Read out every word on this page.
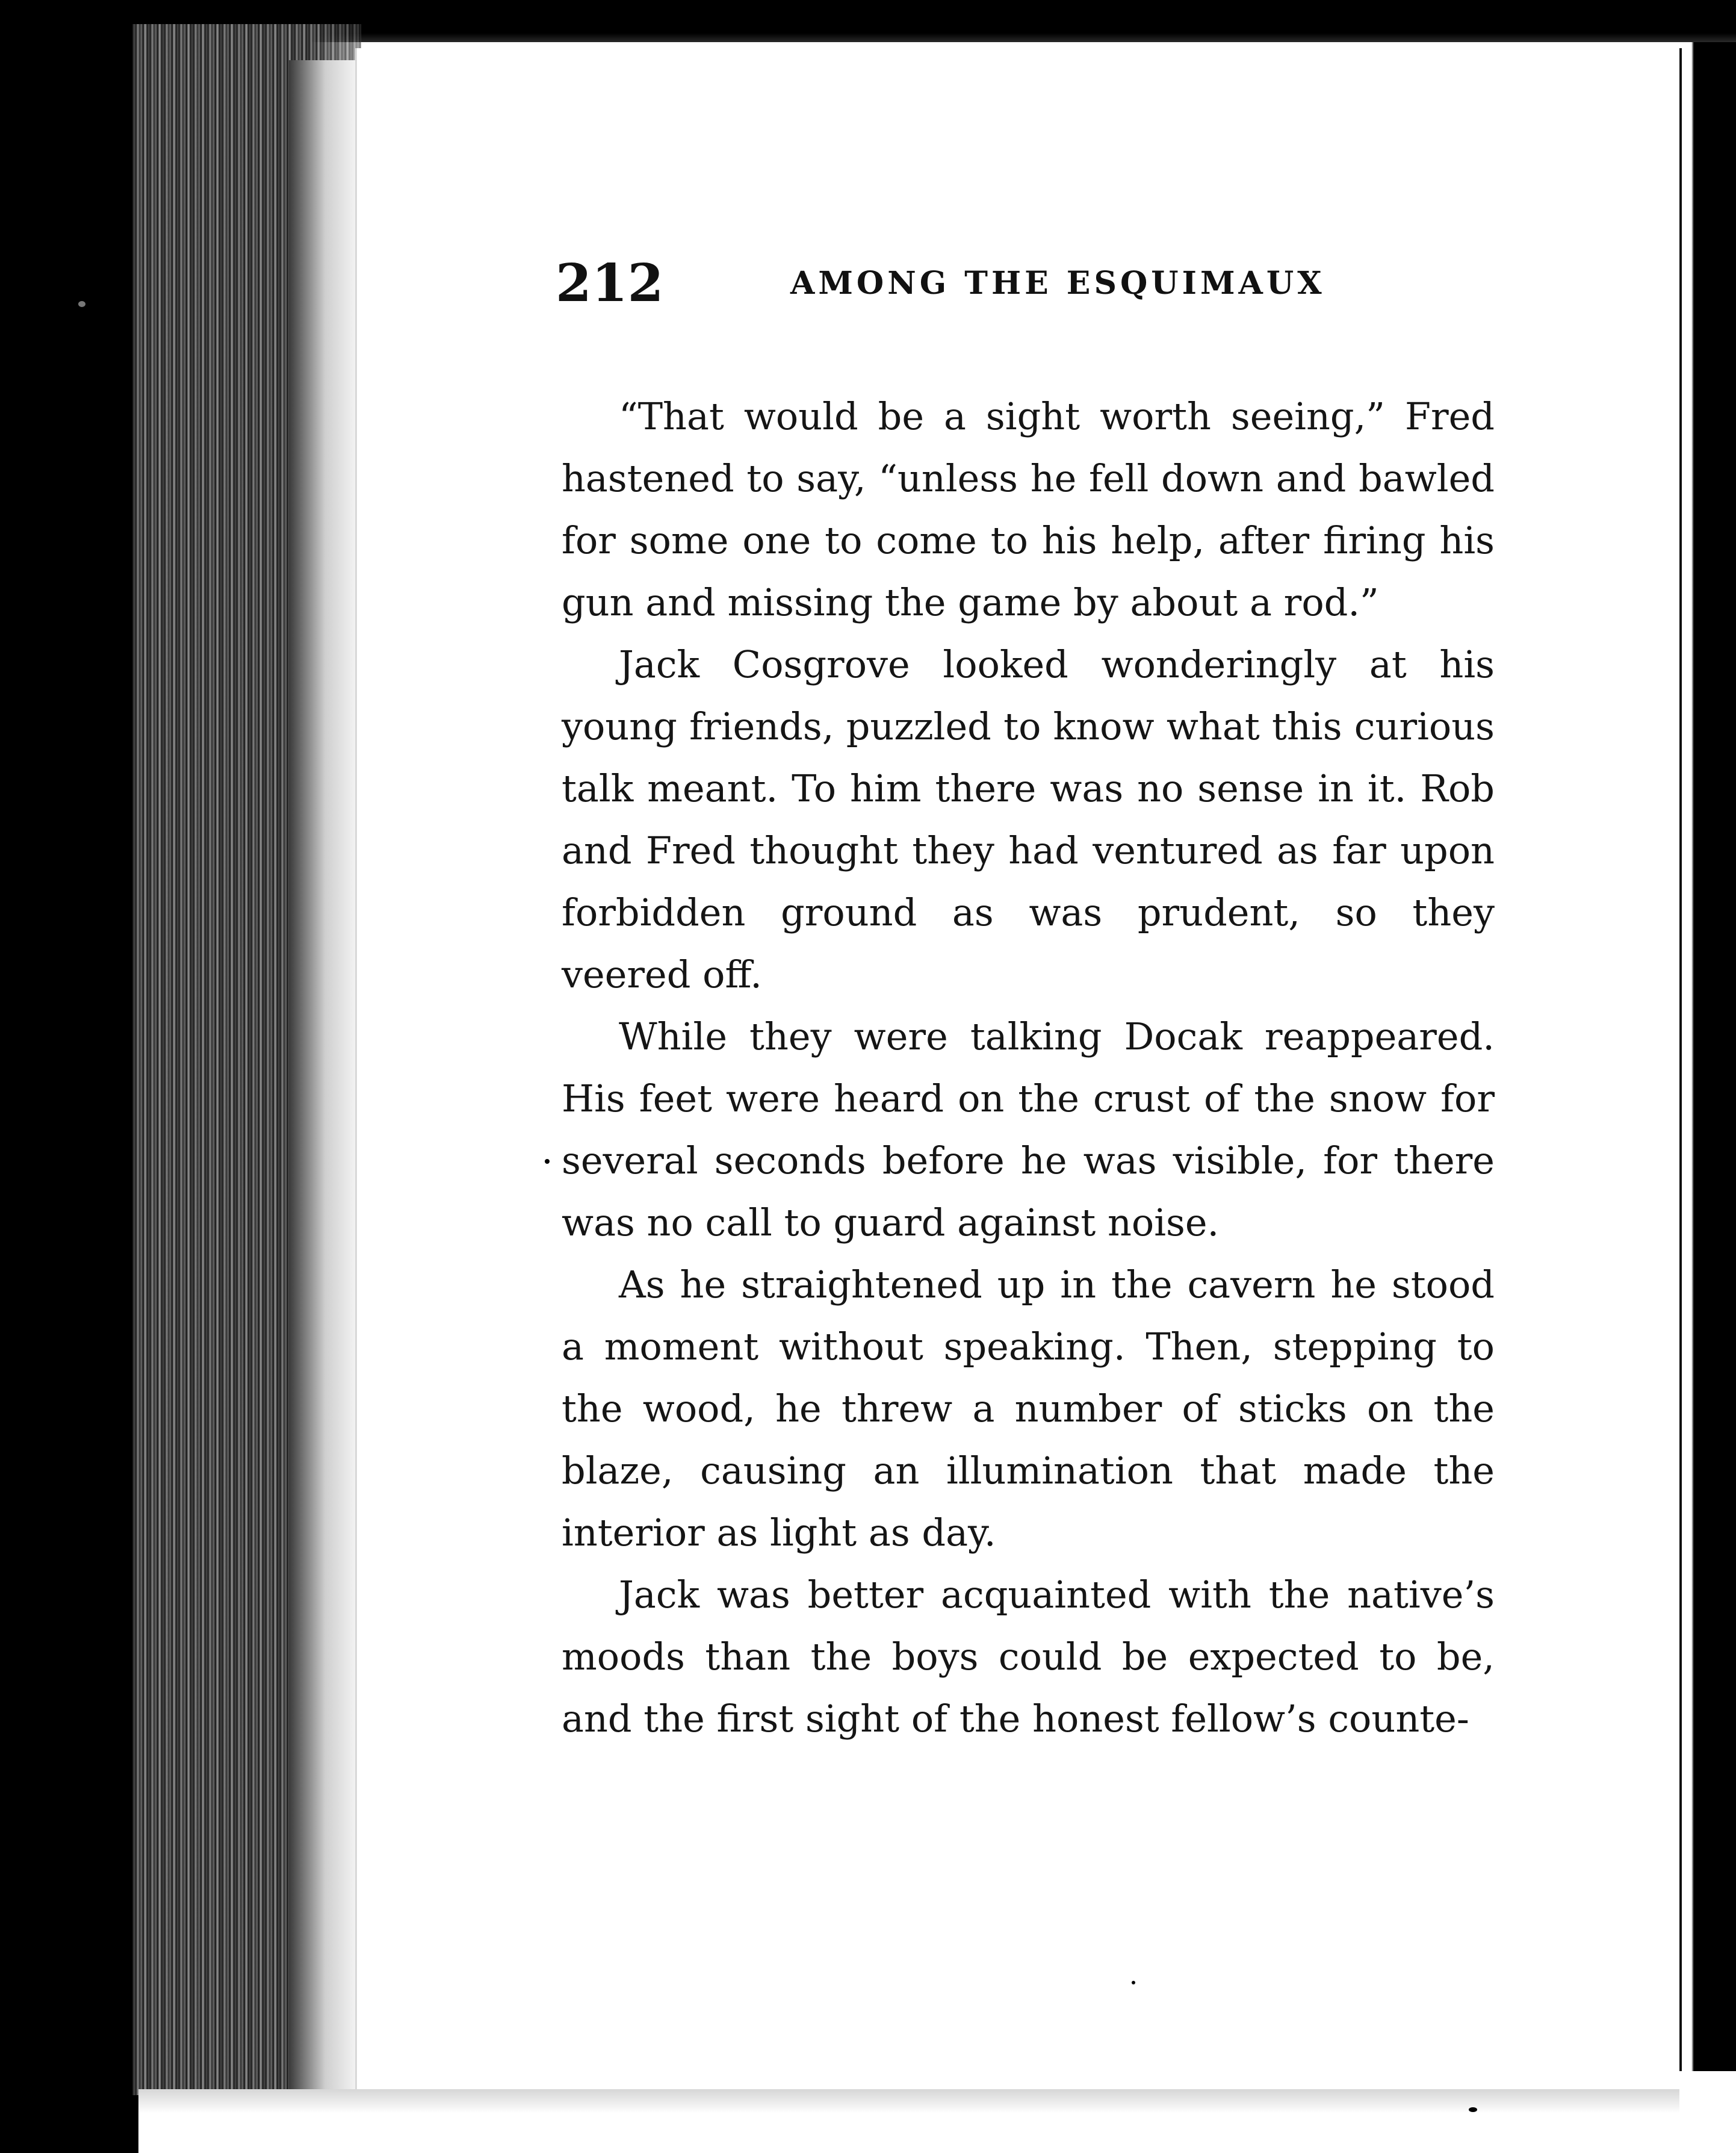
212	AMONG THE ESQUIMAUX

“That would be a sight worth seeing,” Fred hastened to say, “unless he fell down and bawled for some one to come to his help, after firing his gun and missing the game by about a rod.”

Jack Cosgrove looked wonderingly at his young friends, puzzled to know what this curious talk meant. To him there was no sense in it. Rob and Fred thought they had ventured as far upon forbidden ground as was prudent, so they veered off.

While they were talking Docak reappeared. His feet were heard on the crust of the snow for several seconds before he was visible, for there was no call to guard against noise.

As he straightened up in the cavern he stood a moment without speaking. Then, stepping to the wood, he threw a number of sticks on the blaze, causing an illumination that made the interior as light as day.

Jack was better acquainted with the native’s moods than the boys could be expected to be, and the first sight of the honest fellow’s counte-
